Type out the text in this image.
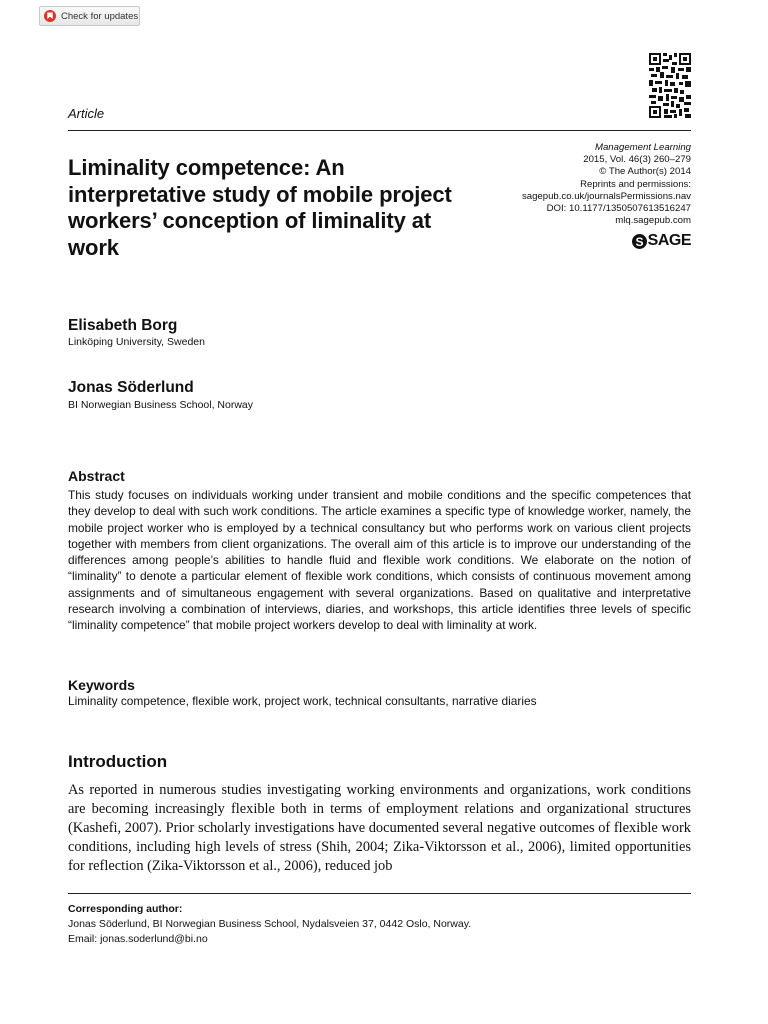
Check for updates
Article
Management Learning
2015, Vol. 46(3) 260–279
© The Author(s) 2014
Reprints and permissions:
sagepub.co.uk/journalsPermissions.nav
DOI: 10.1177/1350507613516247
mlq.sagepub.com
S SAGE
Liminality competence: An interpretative study of mobile project workers’ conception of liminality at work
Elisabeth Borg
Linköping University, Sweden
Jonas Söderlund
BI Norwegian Business School, Norway
Abstract
This study focuses on individuals working under transient and mobile conditions and the specific competences that they develop to deal with such work conditions. The article examines a specific type of knowledge worker, namely, the mobile project worker who is employed by a technical consultancy but who performs work on various client projects together with members from client organizations. The overall aim of this article is to improve our understanding of the differences among people’s abilities to handle fluid and flexible work conditions. We elaborate on the notion of “liminality” to denote a particular element of flexible work conditions, which consists of continuous movement among assignments and of simultaneous engagement with several organizations. Based on qualitative and interpretative research involving a combination of interviews, diaries, and workshops, this article identifies three levels of specific “liminality competence” that mobile project workers develop to deal with liminality at work.
Keywords
Liminality competence, flexible work, project work, technical consultants, narrative diaries
Introduction
As reported in numerous studies investigating working environments and organizations, work conditions are becoming increasingly flexible both in terms of employment relations and organizational structures (Kashefi, 2007). Prior scholarly investigations have documented several negative outcomes of flexible work conditions, including high levels of stress (Shih, 2004; Zika-Viktorsson et al., 2006), limited opportunities for reflection (Zika-Viktorsson et al., 2006), reduced job
Corresponding author:
Jonas Söderlund, BI Norwegian Business School, Nydalsveien 37, 0442 Oslo, Norway.
Email: jonas.soderlund@bi.no
